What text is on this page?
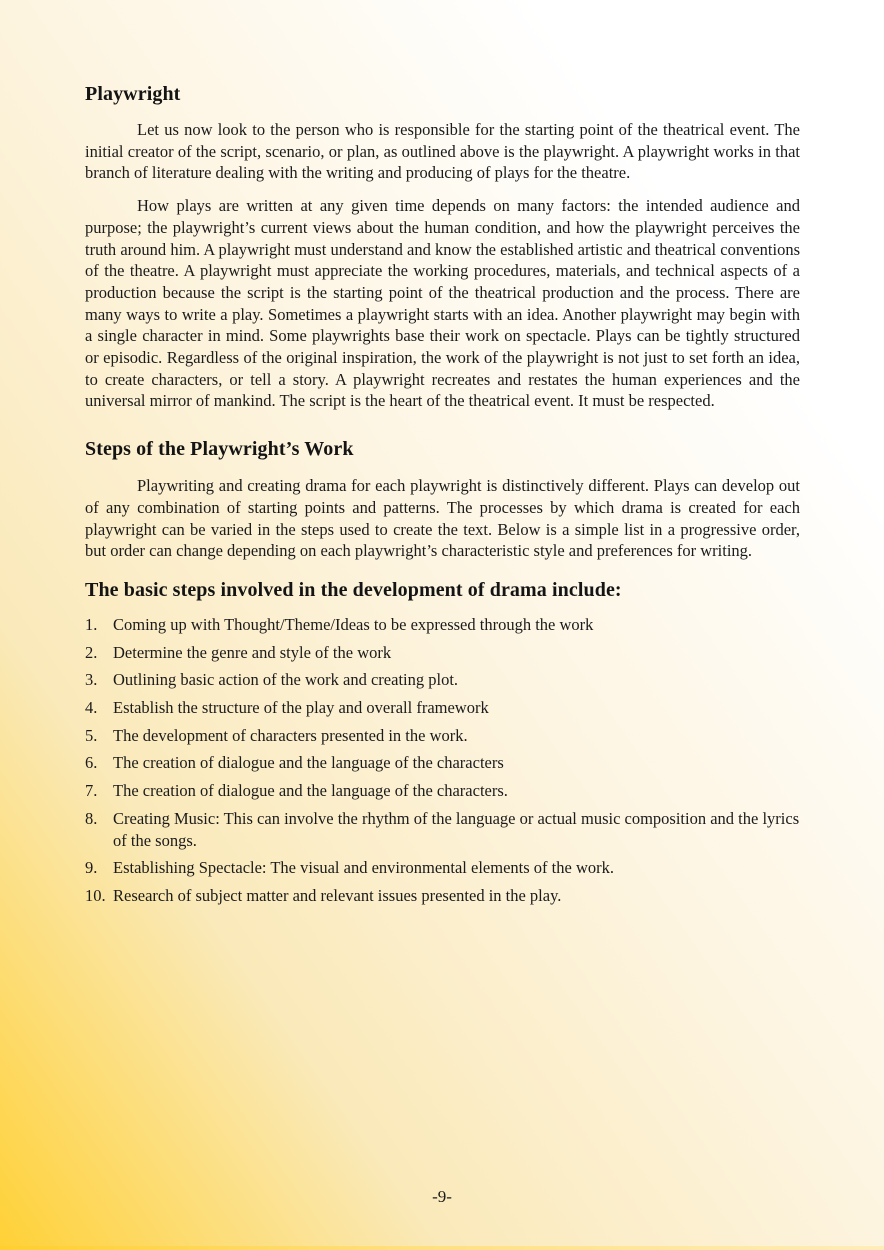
Playwright

Let us now look to the person who is responsible for the starting point of the theatrical event. The initial creator of the script, scenario, or plan, as outlined above is the playwright. A playwright works in that branch of literature dealing with the writing and producing of plays for the theatre.

How plays are written at any given time depends on many factors: the intended audience and purpose; the playwright’s current views about the human condition, and how the playwright perceives the truth around him. A playwright must understand and know the established artistic and theatrical conventions of the theatre. A playwright must appreciate the working procedures, materials, and technical aspects of a production because the script is the starting point of the theatrical production and the process. There are many ways to write a play. Sometimes a playwright starts with an idea. Another playwright may begin with a single character in mind. Some playwrights base their work on spectacle. Plays can be tightly structured or episodic. Regardless of the original inspiration, the work of the playwright is not just to set forth an idea, to create characters, or tell a story. A playwright recreates and restates the human experiences and the universal mirror of mankind. The script is the heart of the theatrical event. It must be respected.

Steps of the Playwright’s Work

Playwriting and creating drama for each playwright is distinctively different. Plays can develop out of any combination of starting points and patterns. The processes by which drama is created for each playwright can be varied in the steps used to create the text. Below is a simple list in a progressive order, but order can change depending on each playwright’s characteristic style and preferences for writing.

The basic steps involved in the development of drama include:
1. Coming up with Thought/Theme/Ideas to be expressed through the work
2. Determine the genre and style of the work
3. Outlining basic action of the work and creating plot.
4. Establish the structure of the play and overall framework
5. The development of characters presented in the work.
6. The creation of dialogue and the language of the characters
7. The creation of dialogue and the language of the characters.
8. Creating Music: This can involve the rhythm of the language or actual music composition and the lyrics of the songs.
9. Establishing Spectacle: The visual and environmental elements of the work.
10. Research of subject matter and relevant issues presented in the play.
-9-
